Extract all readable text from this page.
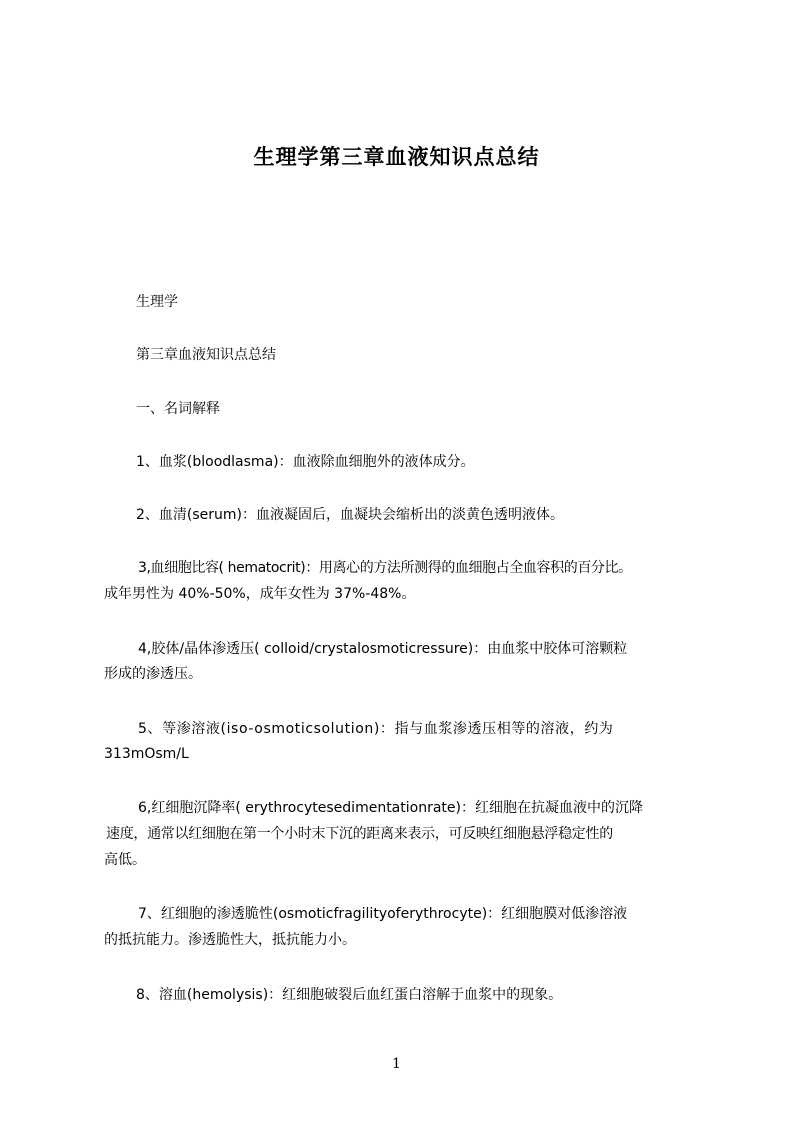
生理学第三章血液知识点总结
生理学
第三章血液知识点总结
一、名词解释
1、血浆(bloodlasma)：血液除血细胞外的液体成分。
2、血清(serum)：血液凝固后，血凝块会缩析出的淡黄色透明液体。
3,血细胞比容( hematocrit)：用离心的方法所测得的血细胞占全血容积的百分比。
成年男性为 40%-50%，成年女性为 37%-48%。
4,胶体/晶体渗透压( colloid/crystalosmoticressure)：由血浆中胶体可溶颗粒
形成的渗透压。
5、等渗溶液(iso-osmoticsolution)：指与血浆渗透压相等的溶液，约为
313mOsm/L
6,红细胞沉降率( erythrocytesedimentationrate)：红细胞在抗凝血液中的沉降
速度，通常以红细胞在第一个小时末下沉的距离来表示，可反映红细胞悬浮稳定性的
高低。
7、红细胞的渗透脆性(osmoticfragilityoferythrocyte)：红细胞膜对低渗溶液
的抵抗能力。渗透脆性大，抵抗能力小。
8、溶血(hemolysis)：红细胞破裂后血红蛋白溶解于血浆中的现象。
1
